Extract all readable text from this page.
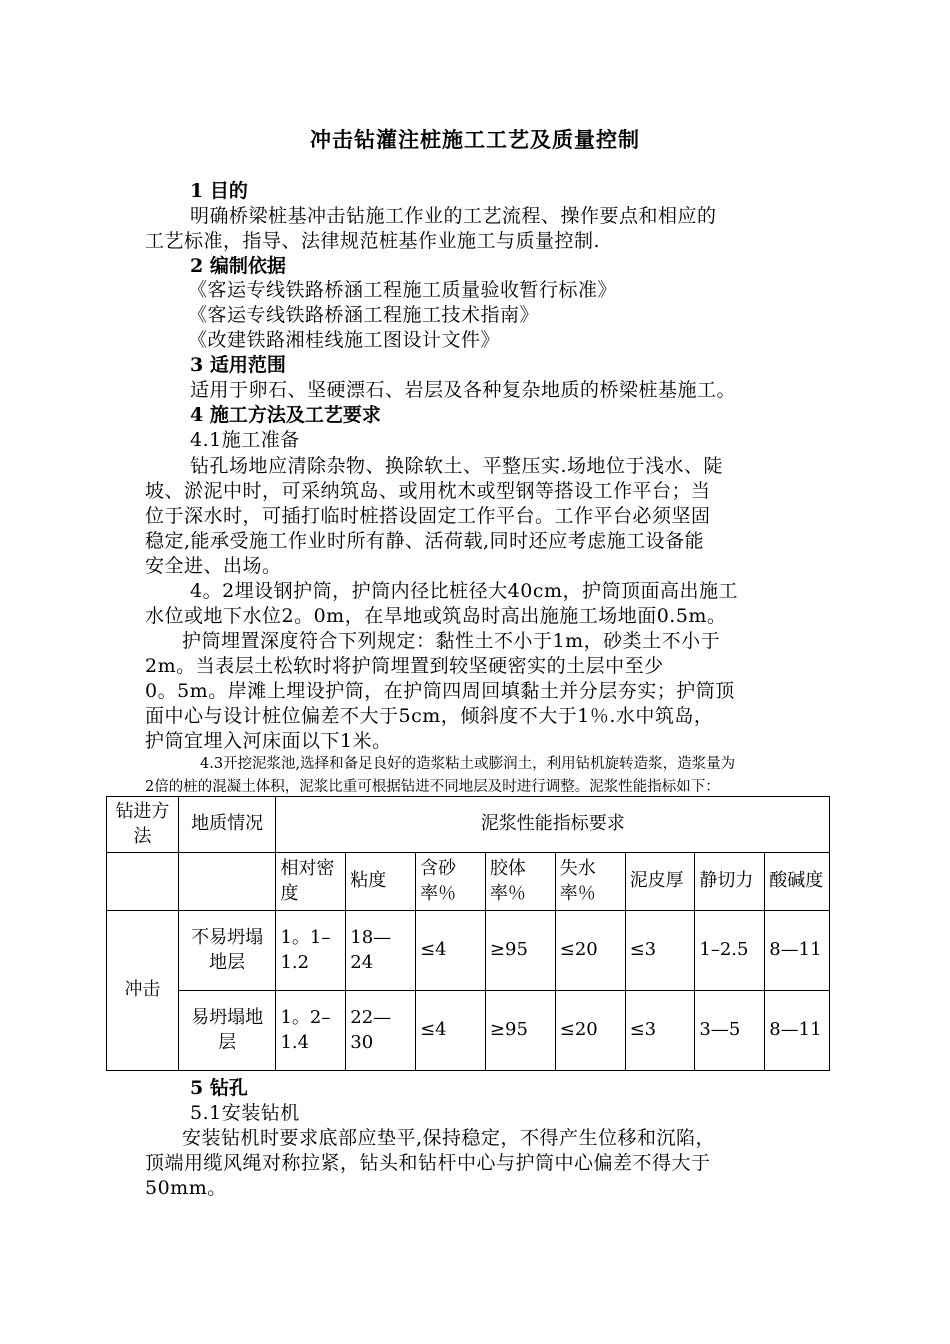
冲击钻灌注桩施工工艺及质量控制
1 目的
明确桥梁桩基冲击钻施工作业的工艺流程、操作要点和相应的
工艺标准，指导、法律规范桩基作业施工与质量控制.
2 编制依据
《客运专线铁路桥涵工程施工质量验收暂行标准》
《客运专线铁路桥涵工程施工技术指南》
《改建铁路湘桂线施工图设计文件》
3 适用范围
适用于卵石、坚硬漂石、岩层及各种复杂地质的桥梁桩基施工。
4 施工方法及工艺要求
4.1施工准备
钻孔场地应清除杂物、换除软土、平整压实.场地位于浅水、陡
坡、淤泥中时，可采纳筑岛、或用枕木或型钢等搭设工作平台；当
位于深水时，可插打临时桩搭设固定工作平台。工作平台必须坚固
稳定,能承受施工作业时所有静、活荷载,同时还应考虑施工设备能
安全进、出场。
4。2埋设钢护筒，护筒内径比桩径大40cm，护筒顶面高出施工
水位或地下水位2。0m，在旱地或筑岛时高出施施工场地面0.5m。
护筒埋置深度符合下列规定：黏性土不小于1m，砂类土不小于
2m。当表层土松软时将护筒埋置到较坚硬密实的土层中至少
0。5m。岸滩上埋设护筒，在护筒四周回填黏土并分层夯实；护筒顶
面中心与设计桩位偏差不大于5cm，倾斜度不大于1％.水中筑岛，
护筒宜埋入河床面以下1米。
4.3开挖泥浆池,选择和备足良好的造浆粘土或膨润土，利用钻机旋转造浆，造浆量为
2倍的桩的混凝土体积，泥浆比重可根据钻进不同地层及时进行调整。泥浆性能指标如下：
钻进方法	地质情况	泥浆性能指标要求							
		相对密度	粘度	含砂率％	胶体率％	失水率％	泥皮厚	静切力	酸碱度
冲击	不易坍塌地层	1。1–1.2	18—24	≤4	≥95	≤20	≤3	1–2.5	8—11
	易坍塌地层	1。2–1.4	22—30	≤4	≥95	≤20	≤3	3—5	8—11
5 钻孔
5.1安装钻机
安装钻机时要求底部应垫平,保持稳定，不得产生位移和沉陷，
顶端用缆风绳对称拉紧，钻头和钻杆中心与护筒中心偏差不得大于
50mm。
